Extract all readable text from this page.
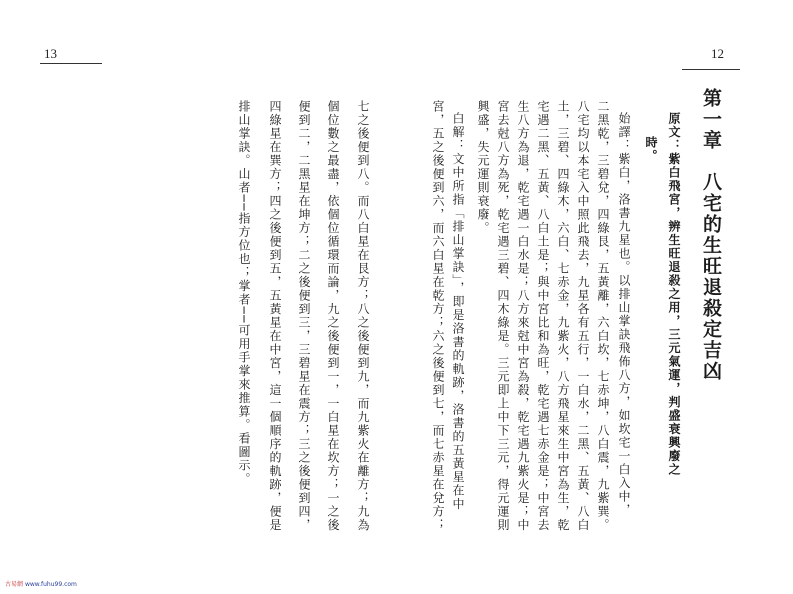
13
七之後便到八。而八白星在艮方；八之後便到九，而九紫火在離方；九為
個位數之最盡，依個位循環而論，九之後便到一，一白星在坎方；一之後
便到二，二黑星在坤方；二之後便到三，三碧星在震方；三之後便到四，
四綠星在巽方；四之後便到五，五黃星在中宮，這一個順序的軌跡，便是
排山掌訣。山者──指方位也；掌者──可用手掌來推算。看圖示。
12
第一章　八宅的生旺退殺定吉凶
原文：紫白飛宮，辨生旺退殺之用，三元氣運，判盛衰興廢之
時。
始譯：紫白，洛書九星也。以排山掌訣飛佈八方，如坎宅一白入中，
二黑乾，三碧兌，四綠艮，五黃離，六白坎，七赤坤，八白震，九紫巽。
八宅均以本宅入中照此飛去，九星各有五行，一白水，二黑、五黃、八白
土，三碧、四綠木，六白、七赤金，九紫火，八方飛星來生中宮為生，乾
宅遇二黑、五黃、八白土是；與中宮比和為旺，乾宅遇七赤金是；中宮去
生八方為退，乾宅遇一白水是；八方來尅中宮為殺，乾宅遇九紫火是；中
宮去尅八方為死，乾宅遇三碧、四木綠是。三元即上中下三元，得元運則
興盛，失元運則衰廢。
白解：文中所指「排山掌訣」，即是洛書的軌跡，洛書的五黃星在中
宮，五之後便到六，而六白星在乾方；六之後便到七，而七赤星在兌方；
古易網 www.fuhu99.com
